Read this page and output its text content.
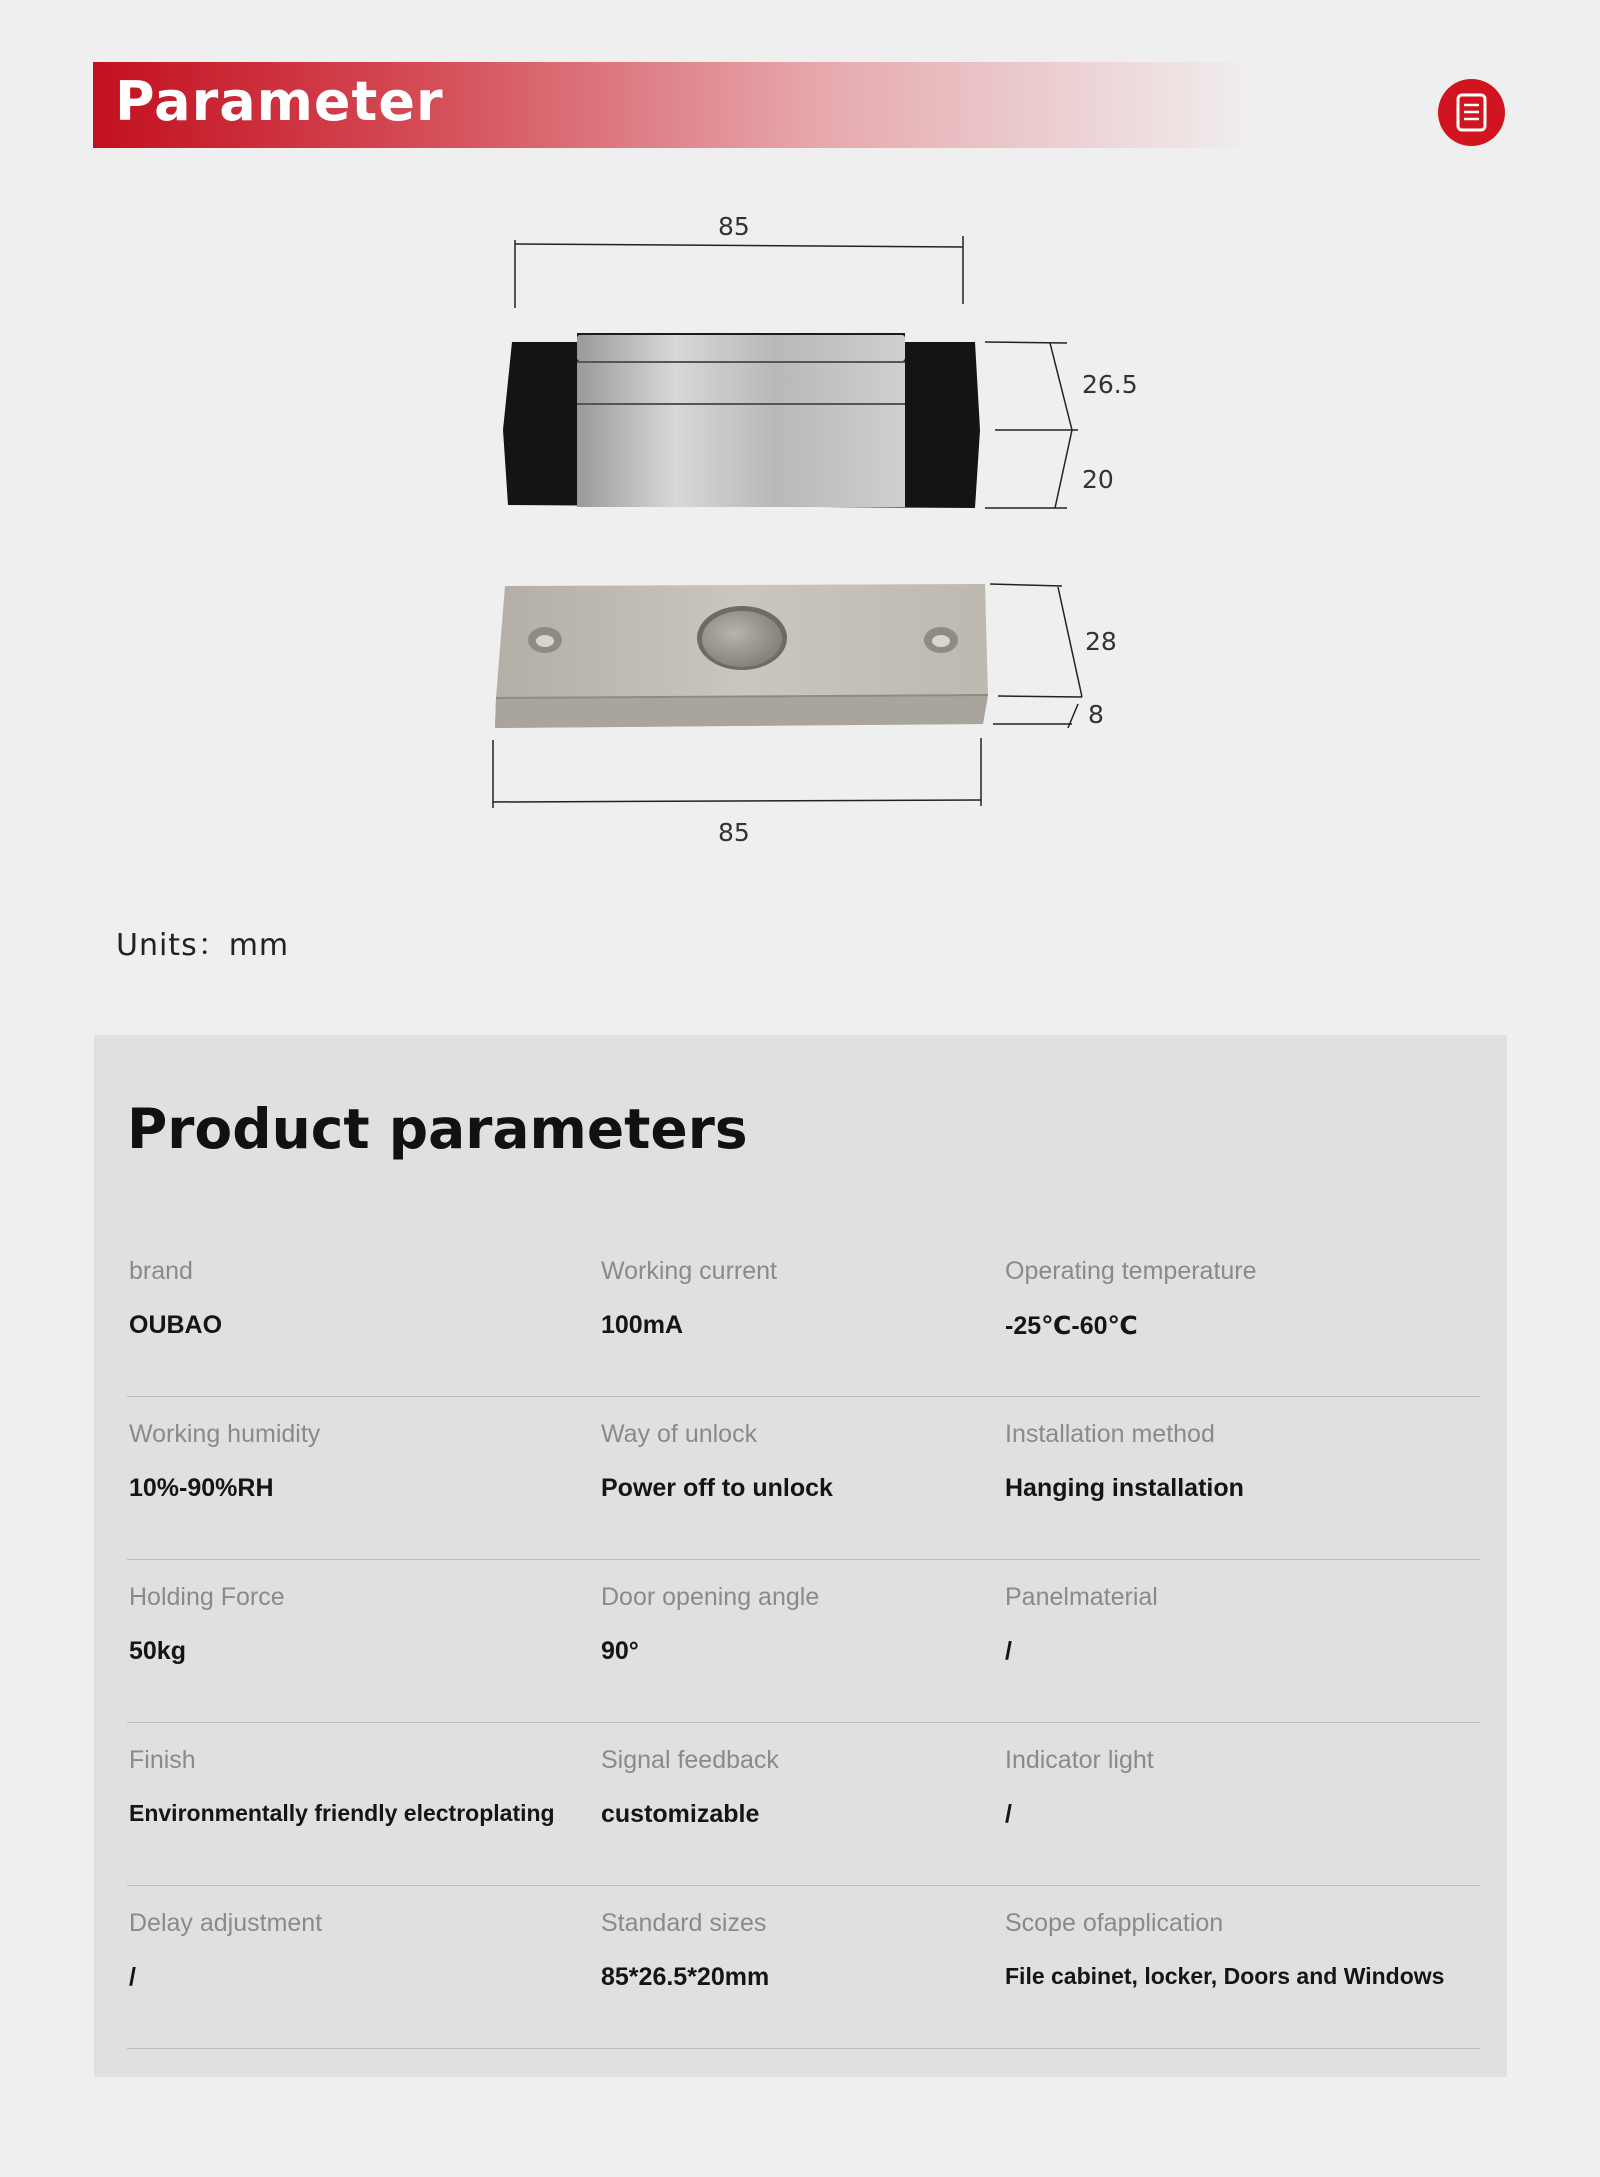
Parameter
85
26.5
20
28
8
85
Units：mm
Product parameters
brand
OUBAO
Working current
100mA
Operating temperature
-25℃-60℃
Working humidity
10%-90%RH
Way of unlock
Power off to unlock
Installation method
Hanging installation
Holding Force
50kg
Door opening angle
90°
Panelmaterial
/
Finish
Environmentally friendly electroplating
Signal feedback
customizable
Indicator light
/
Delay adjustment
/
Standard sizes
85*26.5*20mm
Scope ofapplication
File cabinet, locker, Doors and Windows
